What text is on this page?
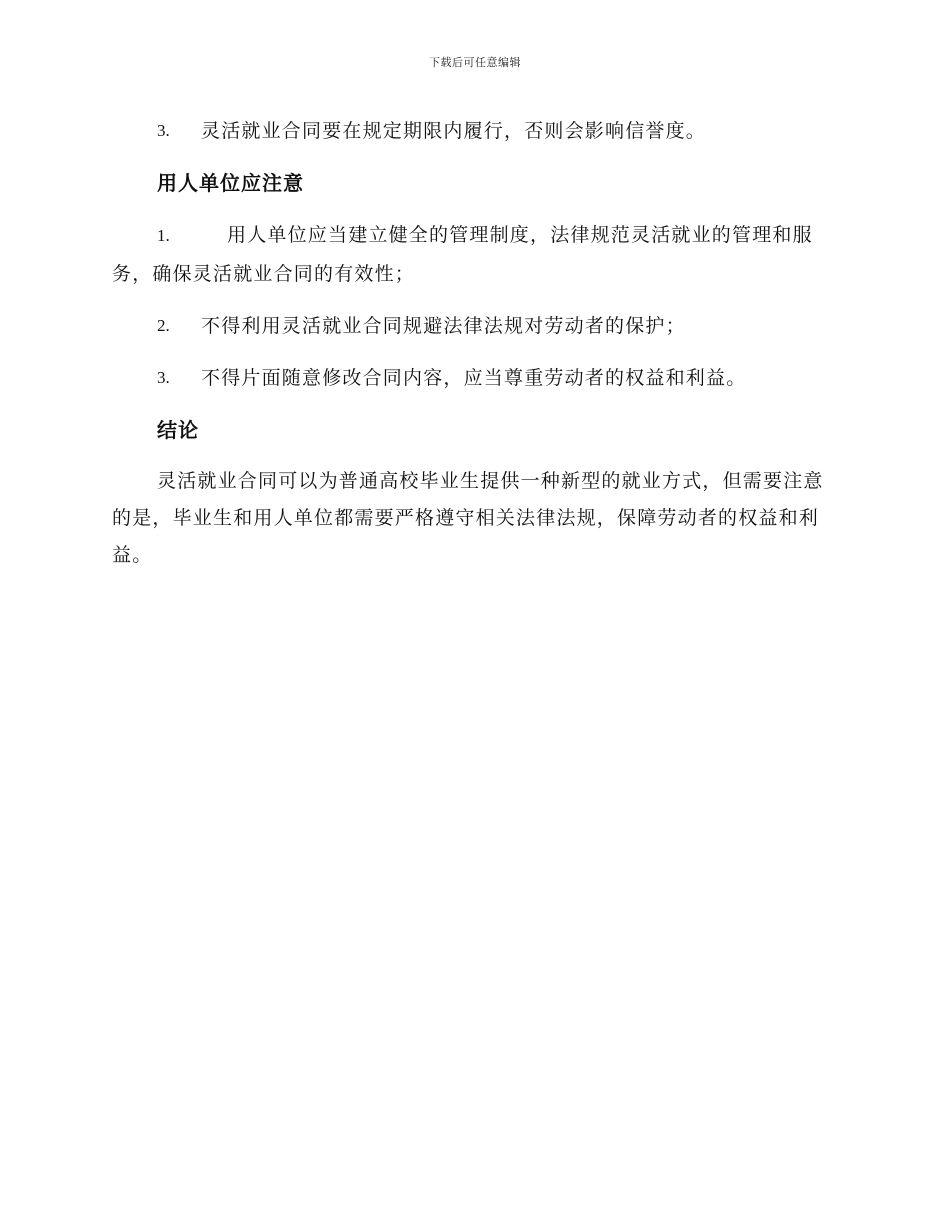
下载后可任意编辑
3.	灵活就业合同要在规定期限内履行，否则会影响信誉度。
用人单位应注意
1.	用人单位应当建立健全的管理制度，法律规范灵活就业的管理和服务，确保灵活就业合同的有效性；
2.	不得利用灵活就业合同规避法律法规对劳动者的保护；
3.	不得片面随意修改合同内容，应当尊重劳动者的权益和利益。
结论
灵活就业合同可以为普通高校毕业生提供一种新型的就业方式，但需要注意的是，毕业生和用人单位都需要严格遵守相关法律法规，保障劳动者的权益和利益。
